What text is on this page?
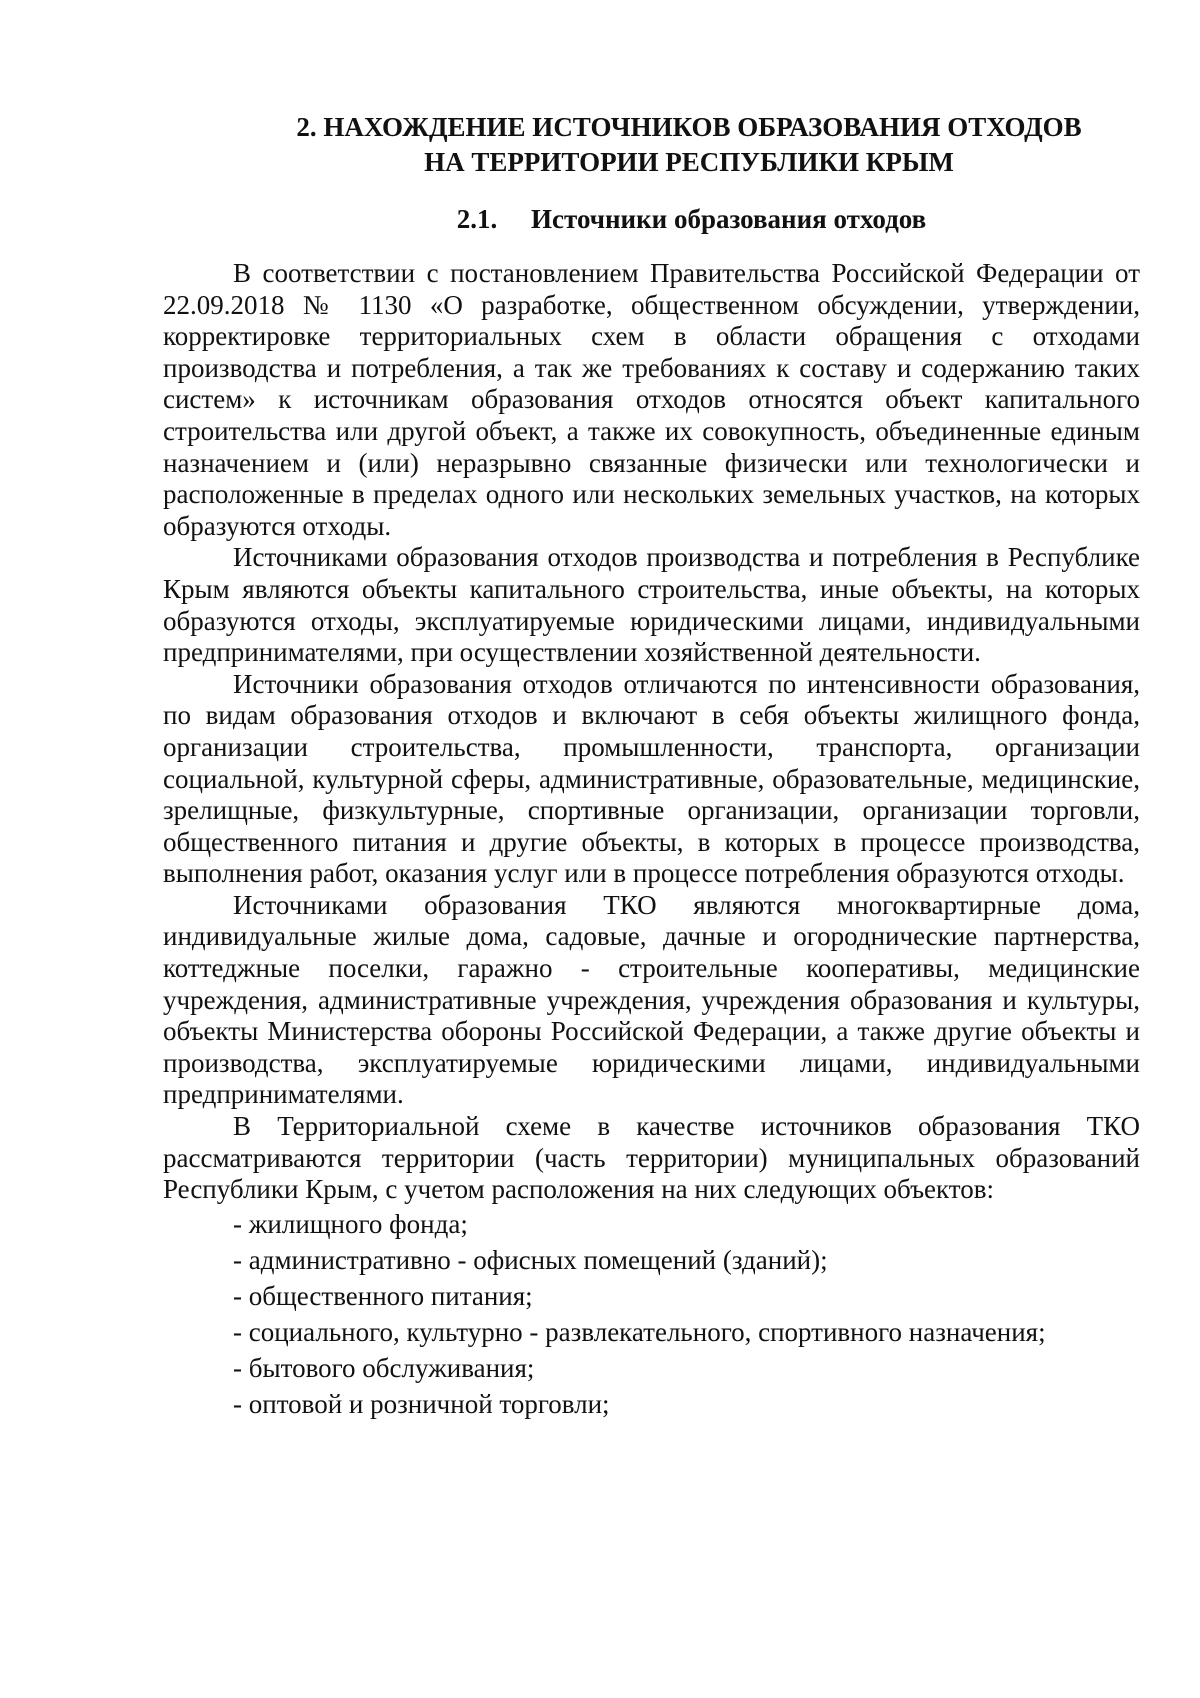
2. НАХОЖДЕНИЕ ИСТОЧНИКОВ ОБРАЗОВАНИЯ ОТХОДОВ
НА ТЕРРИТОРИИ РЕСПУБЛИКИ КРЫМ
2.1.     Источники образования отходов

В соответствии с постановлением Правительства Российской Федерации от 22.09.2018 № 1130 «О разработке, общественном обсуждении, утверждении, корректировке территориальных схем в области обращения с отходами производства и потребления, а так же требованиях к составу и содержанию таких систем» к источникам образования отходов относятся объект капитального строительства или другой объект, а также их совокупность, объединенные единым назначением и (или) неразрывно связанные физически или технологически и расположенные в пределах одного или нескольких земельных участков, на которых образуются отходы.

Источниками образования отходов производства и потребления в Республике Крым являются объекты капитального строительства, иные объекты, на которых образуются отходы, эксплуатируемые юридическими лицами, индивидуальными предпринимателями, при осуществлении хозяйственной деятельности.

Источники образования отходов отличаются по интенсивности образования, по видам образования отходов и включают в себя объекты жилищного фонда, организации строительства, промышленности, транспорта, организации социальной, культурной сферы, административные, образовательные, медицинские, зрелищные, физкультурные, спортивные организации, организации торговли, общественного питания и другие объекты, в которых в процессе производства, выполнения работ, оказания услуг или в процессе потребления образуются отходы.

Источниками образования ТКО являются многоквартирные дома, индивидуальные жилые дома, садовые, дачные и огороднические партнерства, коттеджные поселки, гаражно - строительные кооперативы, медицинские учреждения, административные учреждения, учреждения образования и культуры, объекты Министерства обороны Российской Федерации, а также другие объекты и производства, эксплуатируемые юридическими лицами, индивидуальными предпринимателями.

В Территориальной схеме в качестве источников образования ТКО рассматриваются территории (часть территории) муниципальных образований Республики Крым, с учетом расположения на них следующих объектов:

- жилищного фонда;
- административно - офисных помещений (зданий);
- общественного питания;
- социального, культурно - развлекательного, спортивного назначения;
- бытового обслуживания;
- оптовой и розничной торговли;
